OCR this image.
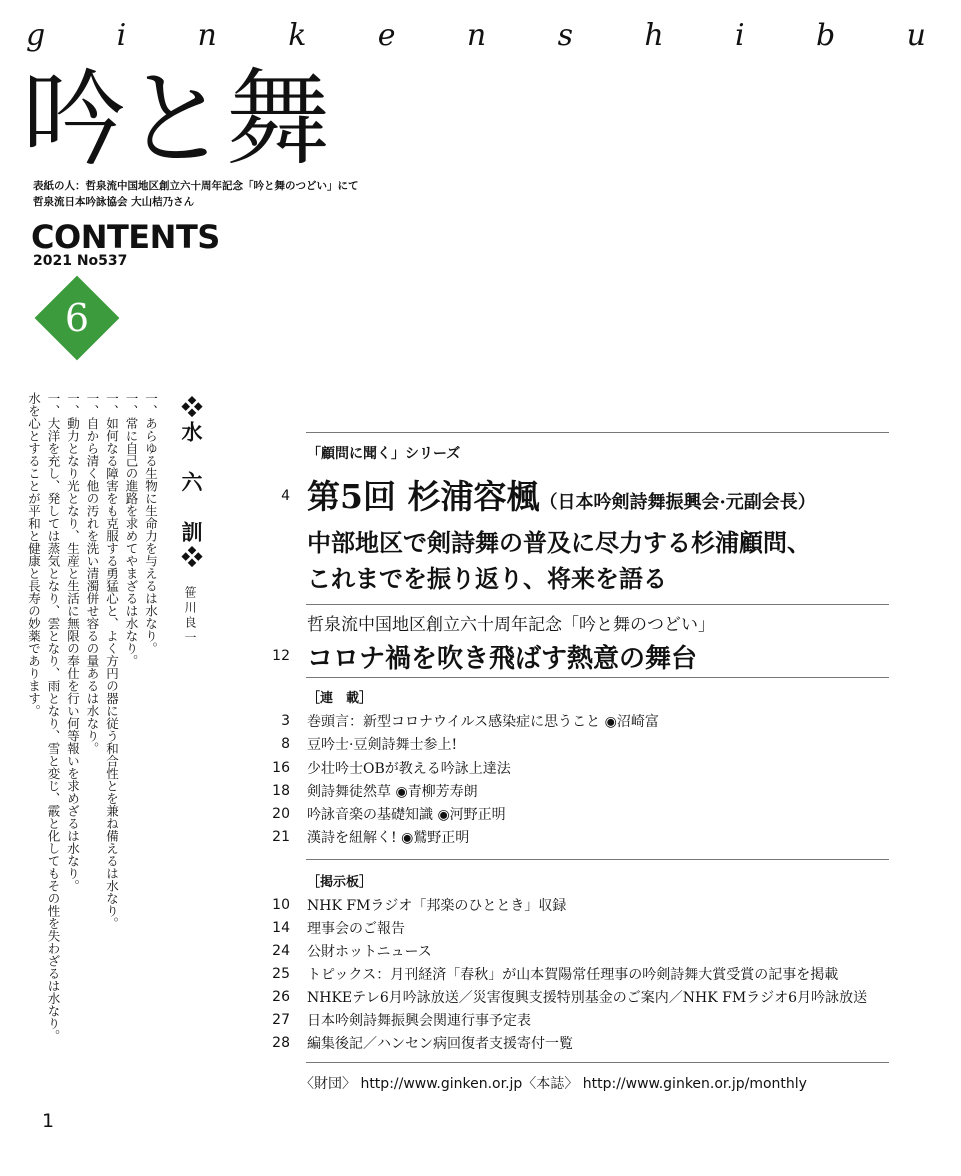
g i n k e n s h i b u
吟と舞
表紙の人：哲泉流中国地区創立六十周年記念「吟と舞のつどい」にて
哲泉流日本吟詠協会 大山桔乃さん
CONTENTS
2021 No537
6
❖水　六　訓❖
笹川良一
一、あらゆる生物に生命力を与えるは水なり。
一、常に自己の進路を求めてやまざるは水なり。
一、如何なる障害をも克服する勇猛心と、よく方円の器に従う和合性とを兼ね備えるは水なり。
一、自から清く他の汚れを洗い清濁併せ容るの量あるは水なり。
一、動力となり光となり、生産と生活に無限の奉仕を行い何等報いを求めざるは水なり。
一、大洋を充し、発しては蒸気となり、雲となり、雨となり、雪と変じ、霰と化してもその性を失わざるは水なり。
水を心とすることが平和と健康と長寿の妙薬であります。	「顧問に聞く」シリーズ
4 第5回 杉浦容楓（日本吟剣詩舞振興会·元副会長）
中部地区で剣詩舞の普及に尽力する杉浦顧問、
これまでを振り返り、将来を語る
哲泉流中国地区創立六十周年記念「吟と舞のつどい」
12 コロナ禍を吹き飛ばす熱意の舞台
［連　載］
3 巻頭言：新型コロナウイルス感染症に思うこと ◉沼崎富
8 豆吟士·豆剣詩舞士参上!
16 少壮吟士OBが教える吟詠上達法
18 剣詩舞徒然草 ◉青柳芳寿朗
20 吟詠音楽の基礎知識 ◉河野正明
21 漢詩を紐解く! ◉鷲野正明
［掲示板］
10 NHK FMラジオ「邦楽のひととき」収録
14 理事会のご報告
24 公財ホットニュース
25 トピックス：月刊経済「春秋」が山本賀陽常任理事の吟剣詩舞大賞受賞の記事を掲載
26 NHKEテレ6月吟詠放送／災害復興支援特別基金のご案内／NHK FMラジオ6月吟詠放送
27 日本吟剣詩舞振興会関連行事予定表
28 編集後記／ハンセン病回復者支援寄付一覧
〈財団〉 http://www.ginken.or.jp〈本誌〉 http://www.ginken.or.jp/monthly
1
